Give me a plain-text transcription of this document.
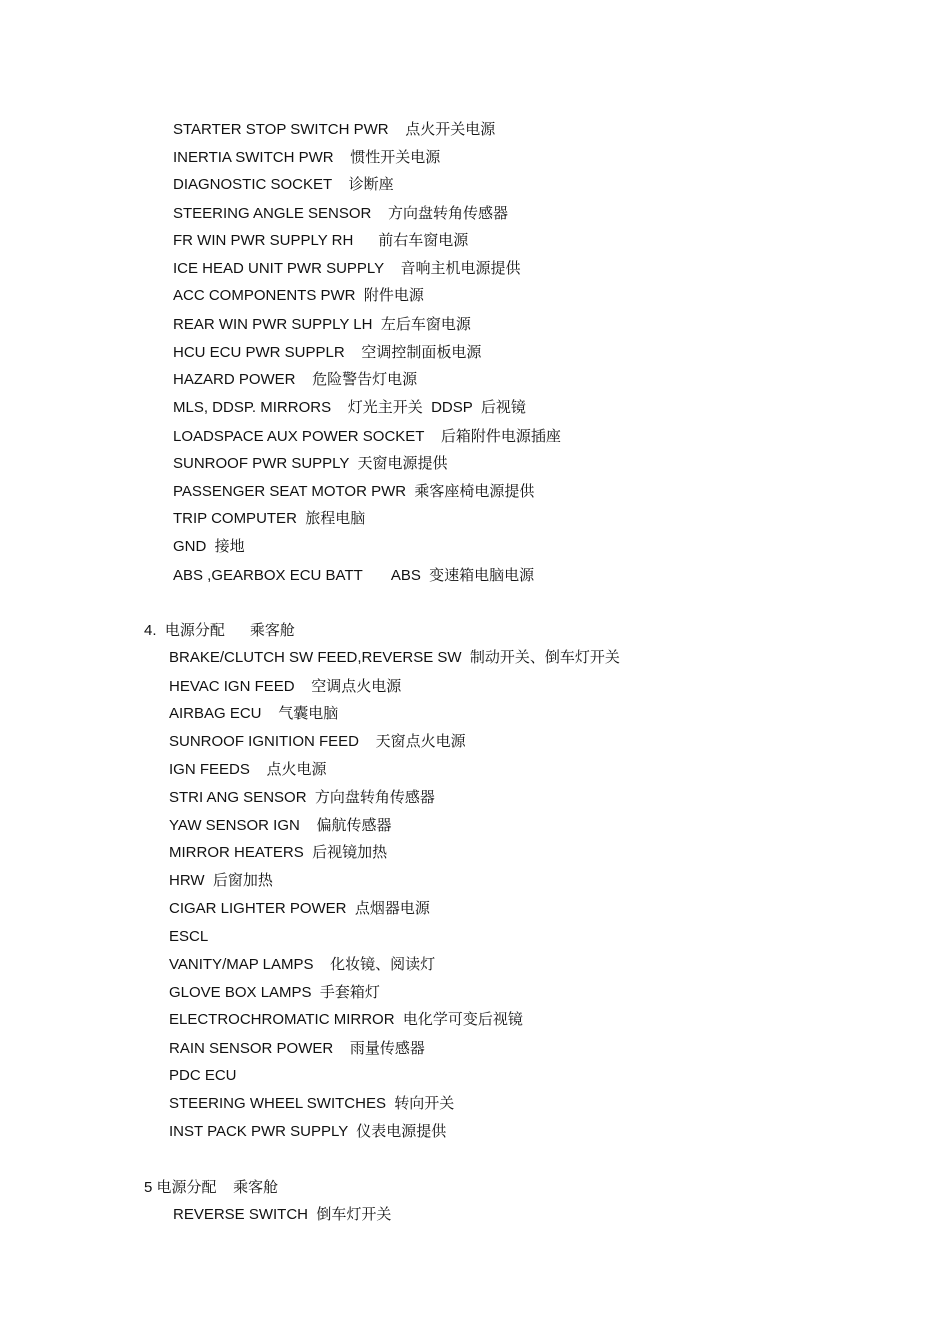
STARTER STOP SWITCH PWR    点火开关电源
INERTIA SWITCH PWR    惯性开关电源
DIAGNOSTIC SOCKET    诊断座
STEERING ANGLE SENSOR    方向盘转角传感器
FR WIN PWR SUPPLY RH      前右车窗电源
ICE HEAD UNIT PWR SUPPLY    音响主机电源提供
ACC COMPONENTS PWR  附件电源
REAR WIN PWR SUPPLY LH  左后车窗电源
HCU ECU PWR SUPPLR    空调控制面板电源
HAZARD POWER    危险警告灯电源
MLS, DDSP. MIRRORS    灯光主开关  DDSP  后视镜
LOADSPACE AUX POWER SOCKET    后箱附件电源插座
SUNROOF PWR SUPPLY  天窗电源提供
PASSENGER SEAT MOTOR PWR  乘客座椅电源提供
TRIP COMPUTER  旅程电脑
GND  接地
ABS ,GEARBOX ECU BATT       ABS  变速箱电脑电源
4.  电源分配      乘客舱
BRAKE/CLUTCH SW FEED,REVERSE SW  制动开关、倒车灯开关
HEVAC IGN FEED    空调点火电源
AIRBAG ECU    气囊电脑
SUNROOF IGNITION FEED    天窗点火电源
IGN FEEDS    点火电源
STRI ANG SENSOR  方向盘转角传感器
YAW SENSOR IGN    偏航传感器
MIRROR HEATERS  后视镜加热
HRW  后窗加热
CIGAR LIGHTER POWER  点烟器电源
ESCL
VANITY/MAP LAMPS    化妆镜、阅读灯
GLOVE BOX LAMPS  手套箱灯
ELECTROCHROMATIC MIRROR  电化学可变后视镜
RAIN SENSOR POWER    雨量传感器
PDC ECU
STEERING WHEEL SWITCHES  转向开关
INST PACK PWR SUPPLY  仪表电源提供
5 电源分配    乘客舱
REVERSE SWITCH  倒车灯开关
